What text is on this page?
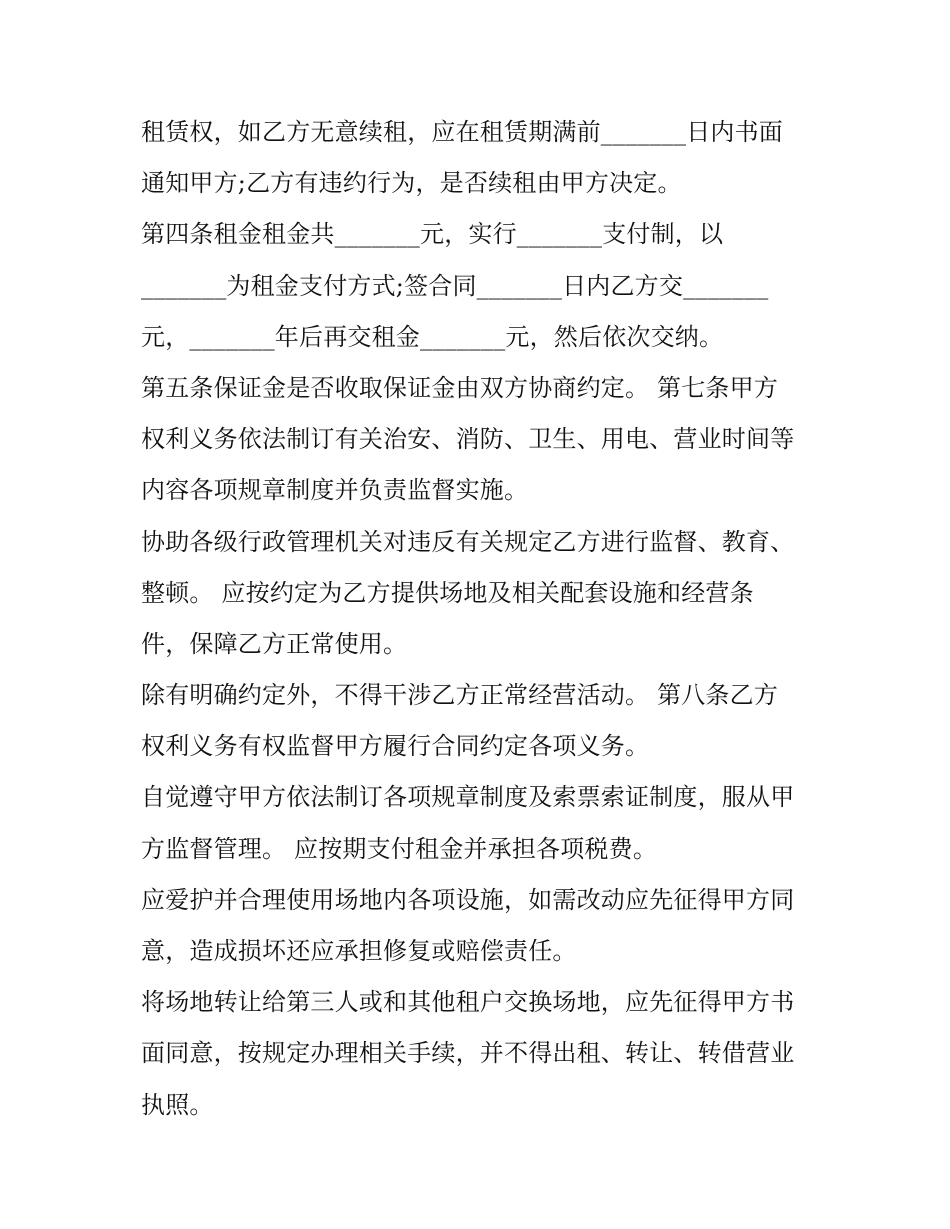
租赁权，如乙方无意续租，应在租赁期满前_______日内书面
通知甲方;乙方有违约行为，是否续租由甲方决定。
第四条租金租金共_______元，实行_______支付制，以
_______为租金支付方式;签合同_______日内乙方交_______
元，_______年后再交租金_______元，然后依次交纳。
第五条保证金是否收取保证金由双方协商约定。 第七条甲方
权利义务依法制订有关治安、消防、卫生、用电、营业时间等
内容各项规章制度并负责监督实施。
协助各级行政管理机关对违反有关规定乙方进行监督、教育、
整顿。 应按约定为乙方提供场地及相关配套设施和经营条
件，保障乙方正常使用。
除有明确约定外，不得干涉乙方正常经营活动。 第八条乙方
权利义务有权监督甲方履行合同约定各项义务。
自觉遵守甲方依法制订各项规章制度及索票索证制度，服从甲
方监督管理。 应按期支付租金并承担各项税费。
应爱护并合理使用场地内各项设施，如需改动应先征得甲方同
意，造成损坏还应承担修复或赔偿责任。
将场地转让给第三人或和其他租户交换场地，应先征得甲方书
面同意，按规定办理相关手续，并不得出租、转让、转借营业
执照。
